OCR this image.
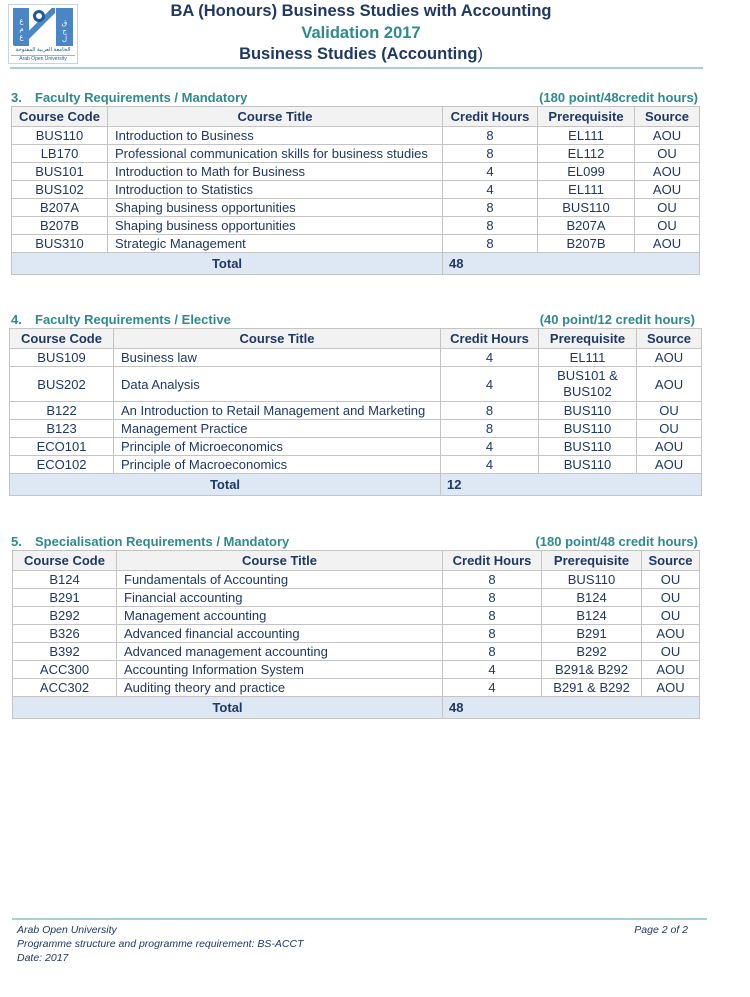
ع
م
ع
ق
ج
ل
الجامعة العربية المفتوحة
Arab Open University
BA (Honours) Business Studies with Accounting
Validation 2017
Business Studies (Accounting)
3. Faculty Requirements / Mandatory	(180 point/48credit hours)
Course Code	Course Title	Credit Hours	Prerequisite	Source
BUS110	Introduction to Business	8	EL111	AOU
LB170	Professional communication skills for business studies	8	EL112	OU
BUS101	Introduction to Math for Business	4	EL099	AOU
BUS102	Introduction to Statistics	4	EL111	AOU
B207A	Shaping business opportunities	8	BUS110	OU
B207B	Shaping business opportunities	8	B207A	OU
BUS310	Strategic Management	8	B207B	AOU
Total		48		
4. Faculty Requirements / Elective	(40 point/12 credit hours)
Course Code	Course Title	Credit Hours	Prerequisite	Source
BUS109	Business law	4	EL111	AOU
BUS202	Data Analysis	4	BUS101 & BUS102	AOU
B122	An Introduction to Retail Management and Marketing	8	BUS110	OU
B123	Management Practice	8	BUS110	OU
ECO101	Principle of Microeconomics	4	BUS110	AOU
ECO102	Principle of Macroeconomics	4	BUS110	AOU
Total		12		
5. Specialisation Requirements / Mandatory	(180 point/48 credit hours)
Course Code	Course Title	Credit Hours	Prerequisite	Source
B124	Fundamentals of Accounting	8	BUS110	OU
B291	Financial accounting	8	B124	OU
B292	Management accounting	8	B124	OU
B326	Advanced financial accounting	8	B291	AOU
B392	Advanced management accounting	8	B292	OU
ACC300	Accounting Information System	4	B291& B292	AOU
ACC302	Auditing theory and practice	4	B291 & B292	AOU
Total		48		
Arab Open University
Programme structure and programme requirement: BS-ACCT
Date: 2017
Page 2 of 2
